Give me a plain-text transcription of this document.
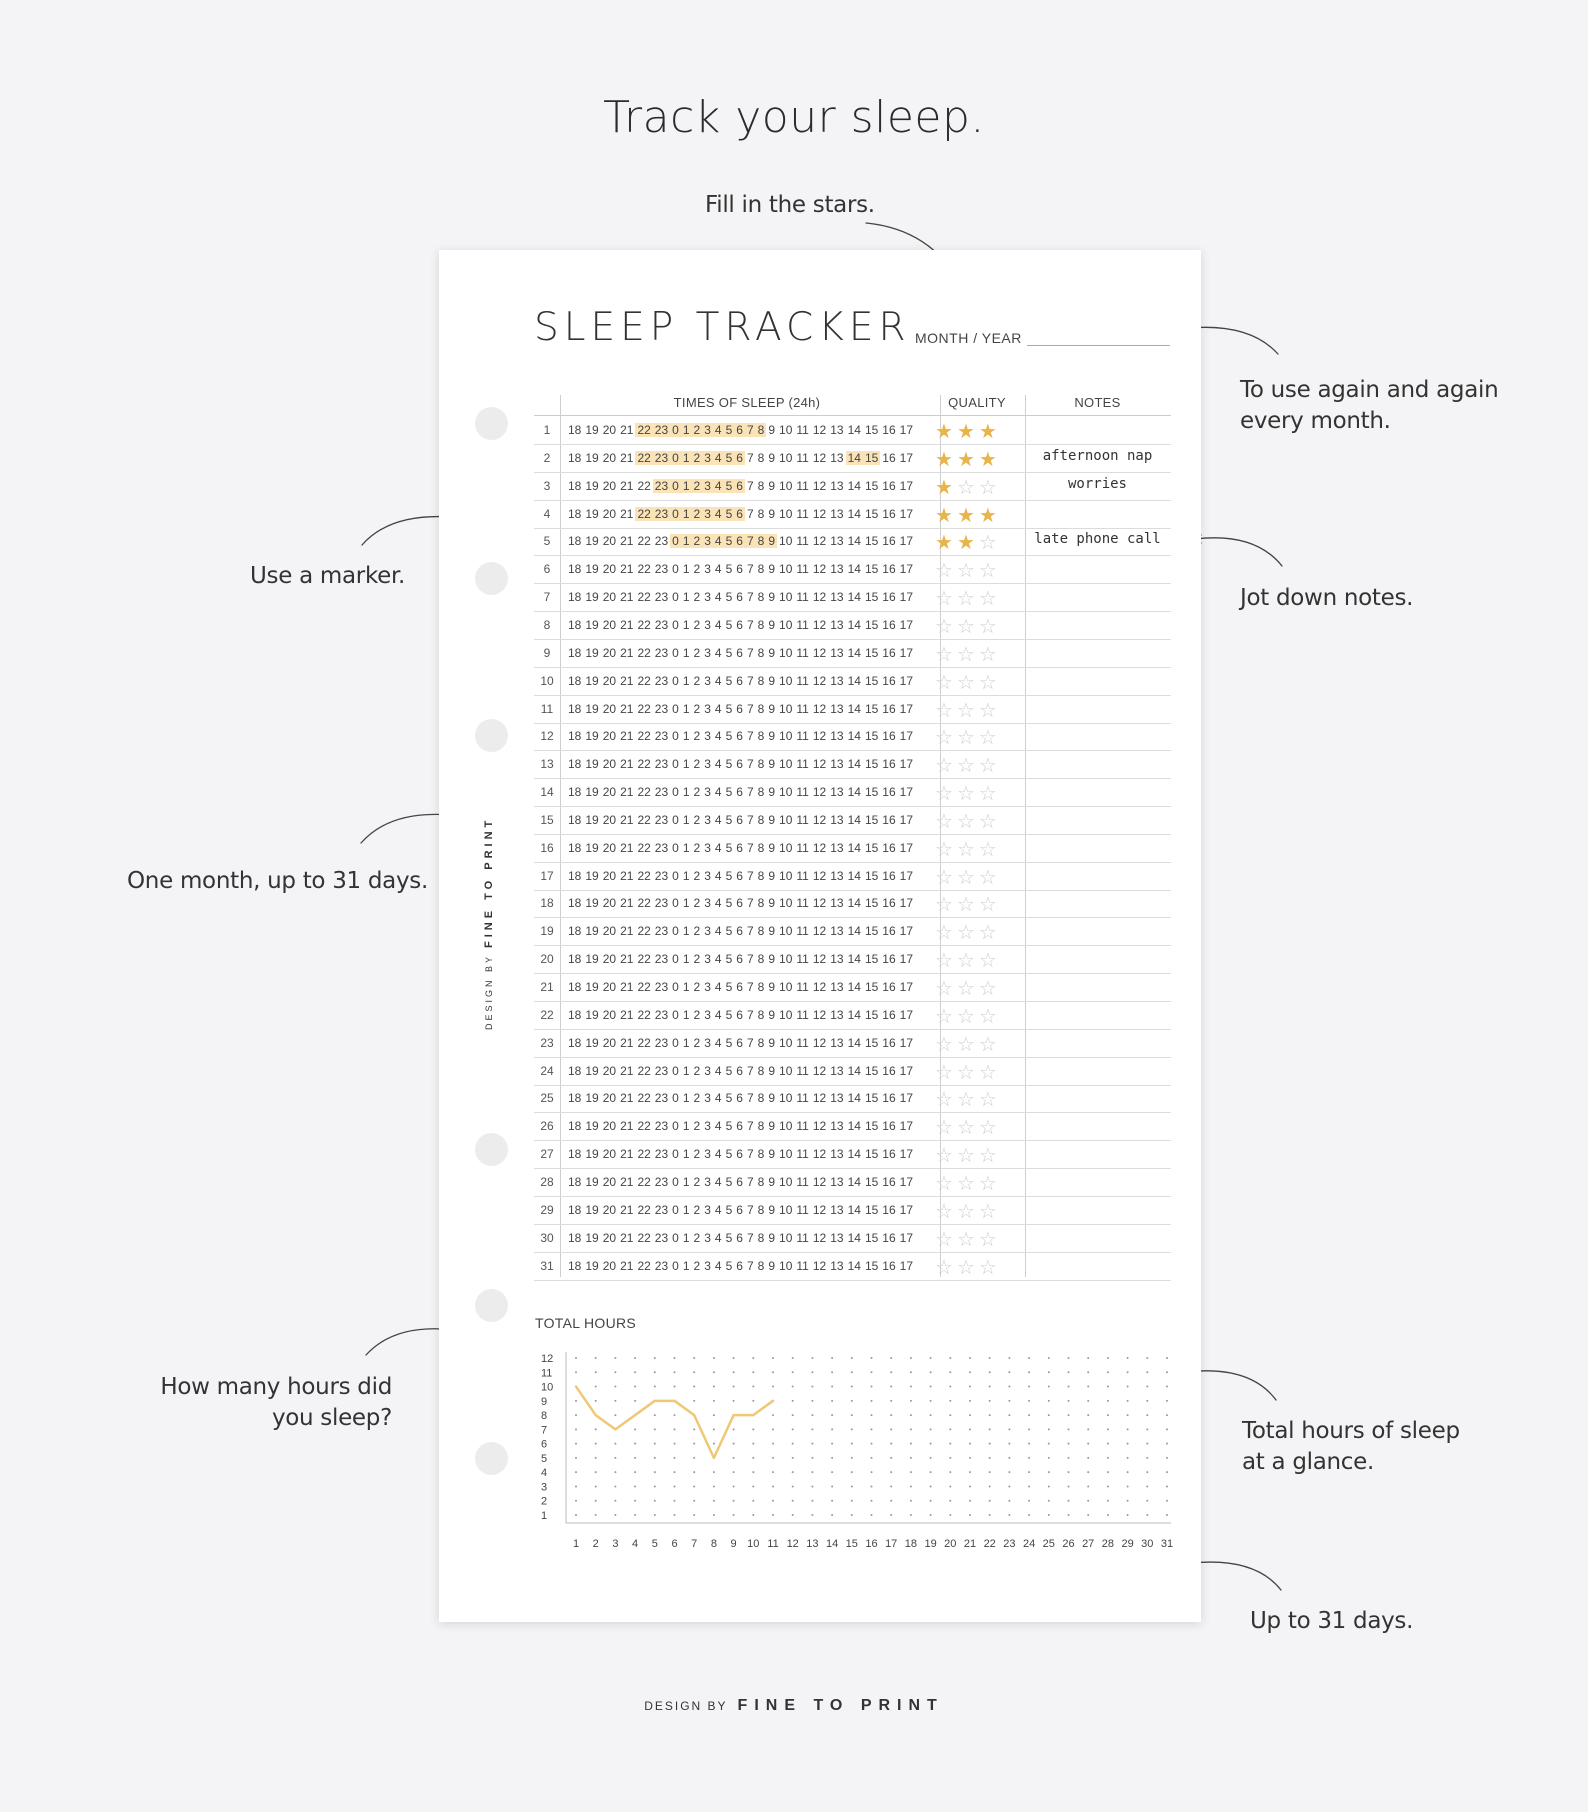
Track your sleep.
Fill in the stars.
To use again and again
every month.
Use a marker.
Jot down notes.
One month, up to 31 days.
How many hours did
you sleep?	Total hours of sleep
at a glance.
Up to 31 days.
DESIGN BYFINE TO PRINT
SLEEP TRACKER MONTH / YEAR
TIMES OF SLEEP (24h)	QUALITY	NOTES
1	18 19 20 21 22 23 0 1 2 3 4 5 6 7 8 9 10 11 12 13 14 15 16 17 ★★★
2	18 19 20 21 22 23 0 1 2 3 4 5 6 7 8 9 10 11 12 13 14 15 16 17 ★★★	afternoon nap
3	18 19 20 21 22 23 0 1 2 3 4 5 6 7 8 9 10 11 12 13 14 15 16 17 ★☆☆	worries
4	18 19 20 21 22 23 0 1 2 3 4 5 6 7 8 9 10 11 12 13 14 15 16 17 ★★★
5	18 19 20 21 22 23 0 1 2 3 4 5 6 7 8 9 10 11 12 13 14 15 16 17 ★★☆	late phone call
6	18 19 20 21 22 23 0 1 2 3 4 5 6 7 8 9 10 11 12 13 14 15 16 17 ☆☆☆
7	18 19 20 21 22 23 0 1 2 3 4 5 6 7 8 9 10 11 12 13 14 15 16 17 ☆☆☆
8	18 19 20 21 22 23 0 1 2 3 4 5 6 7 8 9 10 11 12 13 14 15 16 17 ☆☆☆
9	18 19 20 21 22 23 0 1 2 3 4 5 6 7 8 9 10 11 12 13 14 15 16 17 ☆☆☆
10	18 19 20 21 22 23 0 1 2 3 4 5 6 7 8 9 10 11 12 13 14 15 16 17 ☆☆☆
11	18 19 20 21 22 23 0 1 2 3 4 5 6 7 8 9 10 11 12 13 14 15 16 17 ☆☆☆
12	18 19 20 21 22 23 0 1 2 3 4 5 6 7 8 9 10 11 12 13 14 15 16 17 ☆☆☆
13	18 19 20 21 22 23 0 1 2 3 4 5 6 7 8 9 10 11 12 13 14 15 16 17 ☆☆☆
14	18 19 20 21 22 23 0 1 2 3 4 5 6 7 8 9 10 11 12 13 14 15 16 17 ☆☆☆
15	18 19 20 21 22 23 0 1 2 3 4 5 6 7 8 9 10 11 12 13 14 15 16 17 ☆☆☆
16	18 19 20 21 22 23 0 1 2 3 4 5 6 7 8 9 10 11 12 13 14 15 16 17 ☆☆☆
17	18 19 20 21 22 23 0 1 2 3 4 5 6 7 8 9 10 11 12 13 14 15 16 17 ☆☆☆
18	18 19 20 21 22 23 0 1 2 3 4 5 6 7 8 9 10 11 12 13 14 15 16 17 ☆☆☆
19	18 19 20 21 22 23 0 1 2 3 4 5 6 7 8 9 10 11 12 13 14 15 16 17 ☆☆☆
20	18 19 20 21 22 23 0 1 2 3 4 5 6 7 8 9 10 11 12 13 14 15 16 17 ☆☆☆
21	18 19 20 21 22 23 0 1 2 3 4 5 6 7 8 9 10 11 12 13 14 15 16 17 ☆☆☆
22	18 19 20 21 22 23 0 1 2 3 4 5 6 7 8 9 10 11 12 13 14 15 16 17 ☆☆☆
23	18 19 20 21 22 23 0 1 2 3 4 5 6 7 8 9 10 11 12 13 14 15 16 17 ☆☆☆
24	18 19 20 21 22 23 0 1 2 3 4 5 6 7 8 9 10 11 12 13 14 15 16 17 ☆☆☆
25	18 19 20 21 22 23 0 1 2 3 4 5 6 7 8 9 10 11 12 13 14 15 16 17 ☆☆☆
26	18 19 20 21 22 23 0 1 2 3 4 5 6 7 8 9 10 11 12 13 14 15 16 17 ☆☆☆
27	18 19 20 21 22 23 0 1 2 3 4 5 6 7 8 9 10 11 12 13 14 15 16 17 ☆☆☆
28	18 19 20 21 22 23 0 1 2 3 4 5 6 7 8 9 10 11 12 13 14 15 16 17 ☆☆☆
29	18 19 20 21 22 23 0 1 2 3 4 5 6 7 8 9 10 11 12 13 14 15 16 17 ☆☆☆
30	18 19 20 21 22 23 0 1 2 3 4 5 6 7 8 9 10 11 12 13 14 15 16 17 ☆☆☆
31	18 19 20 21 22 23 0 1 2 3 4 5 6 7 8 9 10 11 12 13 14 15 16 17 ☆☆☆
TOTAL HOURS
1
2
3
4
5
6
7
8
9
10
11
12
1 2 3 4 5 6 7 8 9 10 11 12 13 14 15 16 17 18 19 20 21 22 23 24 25 26 27 28 29 30 31
DESIGN BY FINE TO PRINT
